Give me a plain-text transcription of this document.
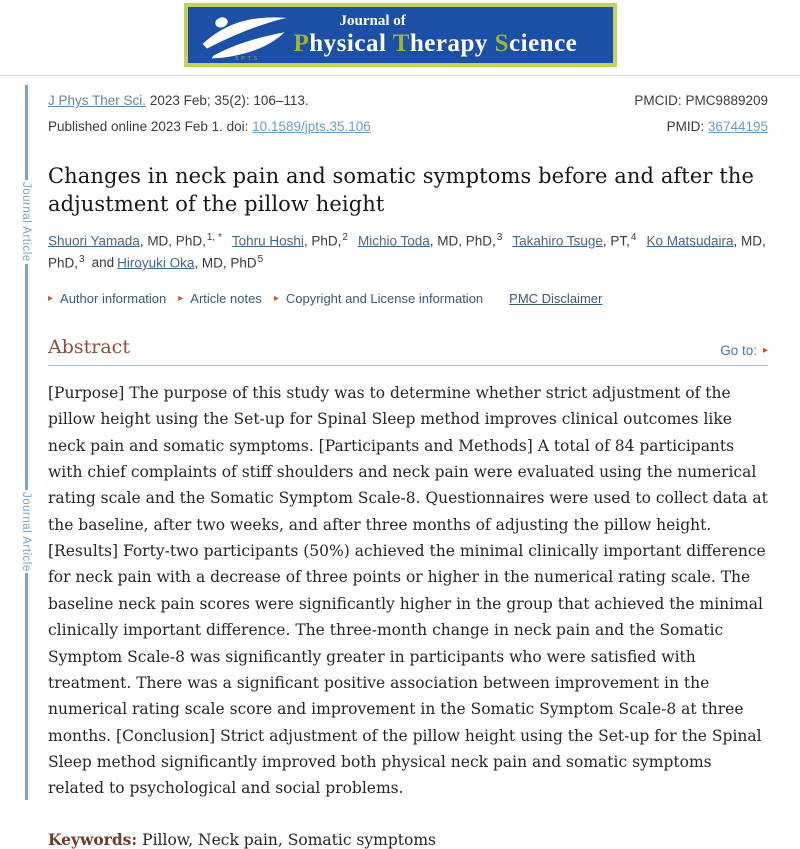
SPTS
Journal of
Physical Therapy Science
Journal Article
Journal Article
J Phys Ther Sci. 2023 Feb; 35(2): 106–113.	PMCID: PMC9889209
Published online 2023 Feb 1. doi: 10.1589/jpts.35.106	PMID: 36744195
Changes in neck pain and somatic symptoms before and after the adjustment of the pillow height

Shuori Yamada, MD, PhD,$^{1, *}$ Tohru Hoshi, PhD,$^2$ Michio Toda, MD, PhD,$^3$ Takahiro Tsuge, PT,$^4$ Ko Matsudaira, MD, PhD,$^3$ and Hiroyuki Oka, MD, PhD$^5$

▸ Author information ▸ Article notes ▸ Copyright and License information PMC Disclaimer
Abstract	Go to: ▸

[Purpose] The purpose of this study was to determine whether strict adjustment of the pillow height using the Set-up for Spinal Sleep method improves clinical outcomes like neck pain and somatic symptoms. [Participants and Methods] A total of 84 participants with chief complaints of stiff shoulders and neck pain were evaluated using the numerical rating scale and the Somatic Symptom Scale-8. Questionnaires were used to collect data at the baseline, after two weeks, and after three months of adjusting the pillow height. [Results] Forty-two participants (50%) achieved the minimal clinically important difference for neck pain with a decrease of three points or higher in the numerical rating scale. The baseline neck pain scores were significantly higher in the group that achieved the minimal clinically important difference. The three-month change in neck pain and the Somatic Symptom Scale-8 was significantly greater in participants who were satisfied with treatment. There was a significant positive association between improvement in the numerical rating scale score and improvement in the Somatic Symptom Scale-8 at three months. [Conclusion] Strict adjustment of the pillow height using the Set-up for the Spinal Sleep method significantly improved both physical neck pain and somatic symptoms related to psychological and social problems.

Keywords: Pillow, Neck pain, Somatic symptoms
